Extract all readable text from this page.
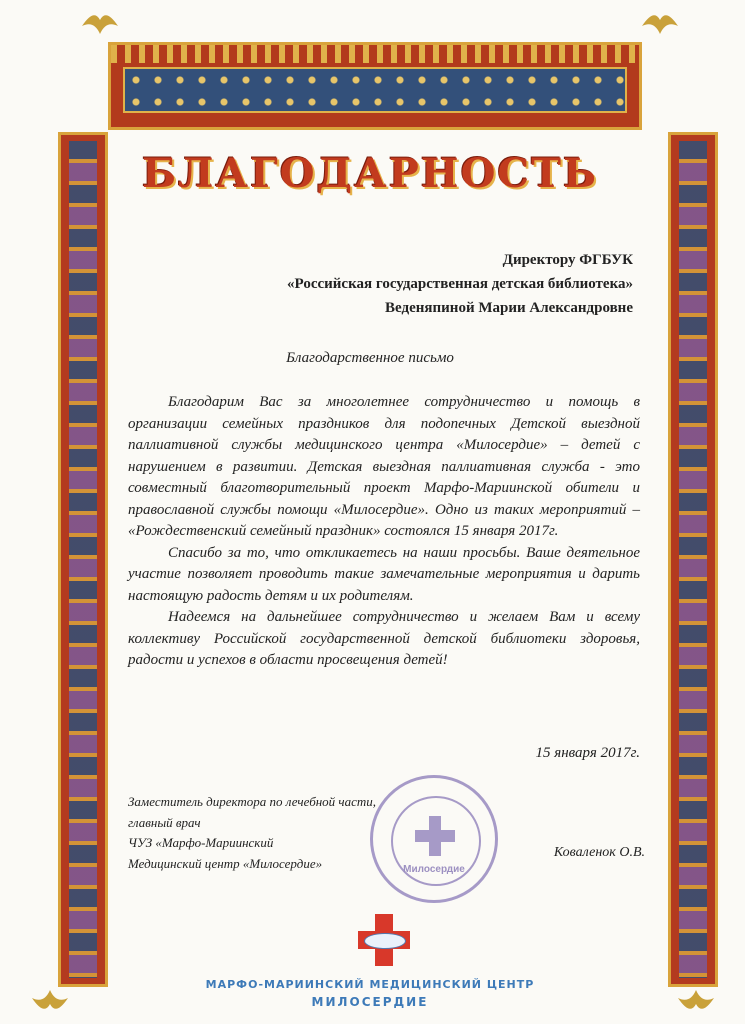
БЛАГОДАРНОСТЬ
Директору ФГБУК
«Российская государственная детская библиотека»
Веденяпиной Марии Александровне
Благодарственное письмо

Благодарим Вас за многолетнее сотрудничество и помощь в организации семейных праздников для подопечных Детской выездной паллиативной службы медицинского центра «Милосердие» – детей с нарушением в развитии. Детская выездная паллиативная служба - это совместный благотворительный проект Марфо-Мариинской обители и православной службы помощи «Милосердие». Одно из таких мероприятий – «Рождественский семейный праздник» состоялся 15 января 2017г.

Спасибо за то, что откликаетесь на наши просьбы. Ваше деятельное участие позволяет проводить такие замечательные мероприятия и дарить настоящую радость детям и их родителям.

Надеемся на дальнейшее сотрудничество и желаем Вам и всему коллективу Российской государственной детской библиотеки здоровья, радости и успехов в области просвещения детей!

15 января 2017г.
Заместитель директора по лечебной части,
главный врач
ЧУЗ «Марфо-Мариинский
Медицинский центр «Милосердие»
Коваленок О.В.
Милосердие
МАРФО-МАРИИНСКИЙ МЕДИЦИНСКИЙ ЦЕНТР
МИЛОСЕРДИЕ
